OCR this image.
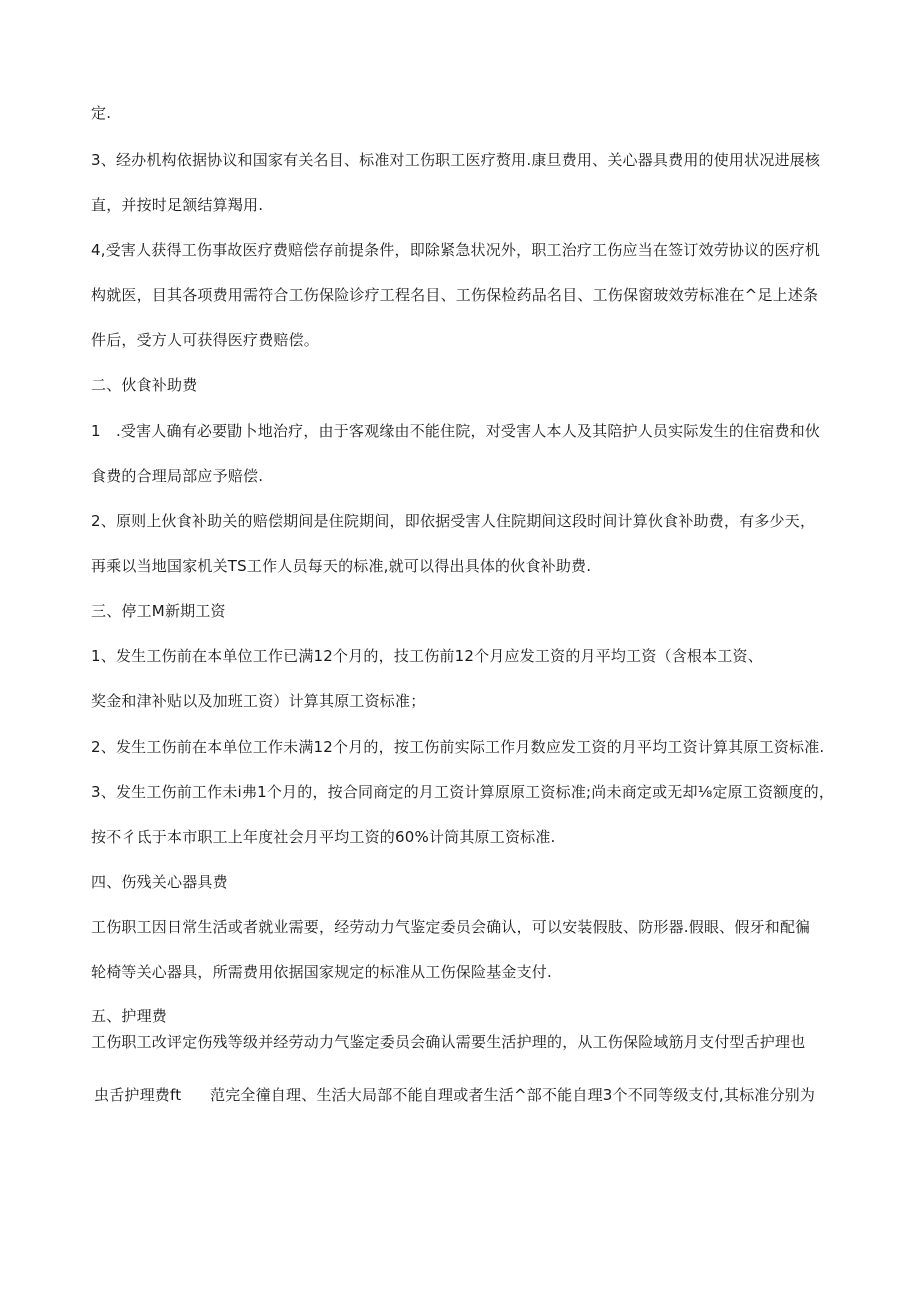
定.
3、经办机构依据协议和国家有关名目、标准对工伤职工医疗赘用.康旦费用、关心器具费用的使用状况进展核
直，并按时足颔结算羯用.
4,受害人获得工伤事故医疗费赔偿存前提条件，即除紧急状况外，职工治疗工伤应当在签订效劳协议的医疗机
构就医，目其各项费用需符合工伤保险诊疗工程名目、工伤保检药品名目、工伤保窗玻效劳标准在^足上述条
件后，受方人可获得医疗费赔偿。
二、伙食补助费
1　.受害人确有必要勖卜地治疗，由于客观缘由不能住院，对受害人本人及其陪护人员实际发生的住宿费和伙
食费的合理局部应予赔偿.
2、原则上伙食补助关的赔偿期间是住院期间，即依据受害人住院期间这段时间计算伙食补助费，有多少天，
再乘以当地国家机关TS工作人员每天的标准,就可以得出具体的伙食补助费.
三、停工M新期工资
1、发生工伤前在本单位工作已满12个月的，技工伤前12个月应发工资的月平均工资（含根本工资、
奖金和津补贴以及加班工资）计算其原工资标准；
2、发生工伤前在本单位工作未满12个月的，按工伤前实际工作月数应发工资的月平均工资计算其原工资标准.
3、发生工伤前工作未i弗1个月的，按合同商定的月工资计算原原工资标准;尚未商定或无却⅛定原工资额度的，
按不彳氐于本市职工上年度社会月平均工资的60%计筒其原工资标准.
四、伤残关心器具费
工伤职工因日常生活或者就业需要，经劳动力气鉴定委员会确认，可以安装假肢、防形器.假眼、假牙和配徧
轮椅等关心器具，所需费用依据国家规定的标准从工伤保险基金支付.
五、护理费
工伤职工改评定伤残等级并经劳动力气鉴定委员会确认需要生活护理的，从工伤保险域筋月支付型舌护理也
虫舌护理费ft 范完全徸自理、生活大局部不能自理或者生活^部不能自理3个不同等级支付,其标准分别为
